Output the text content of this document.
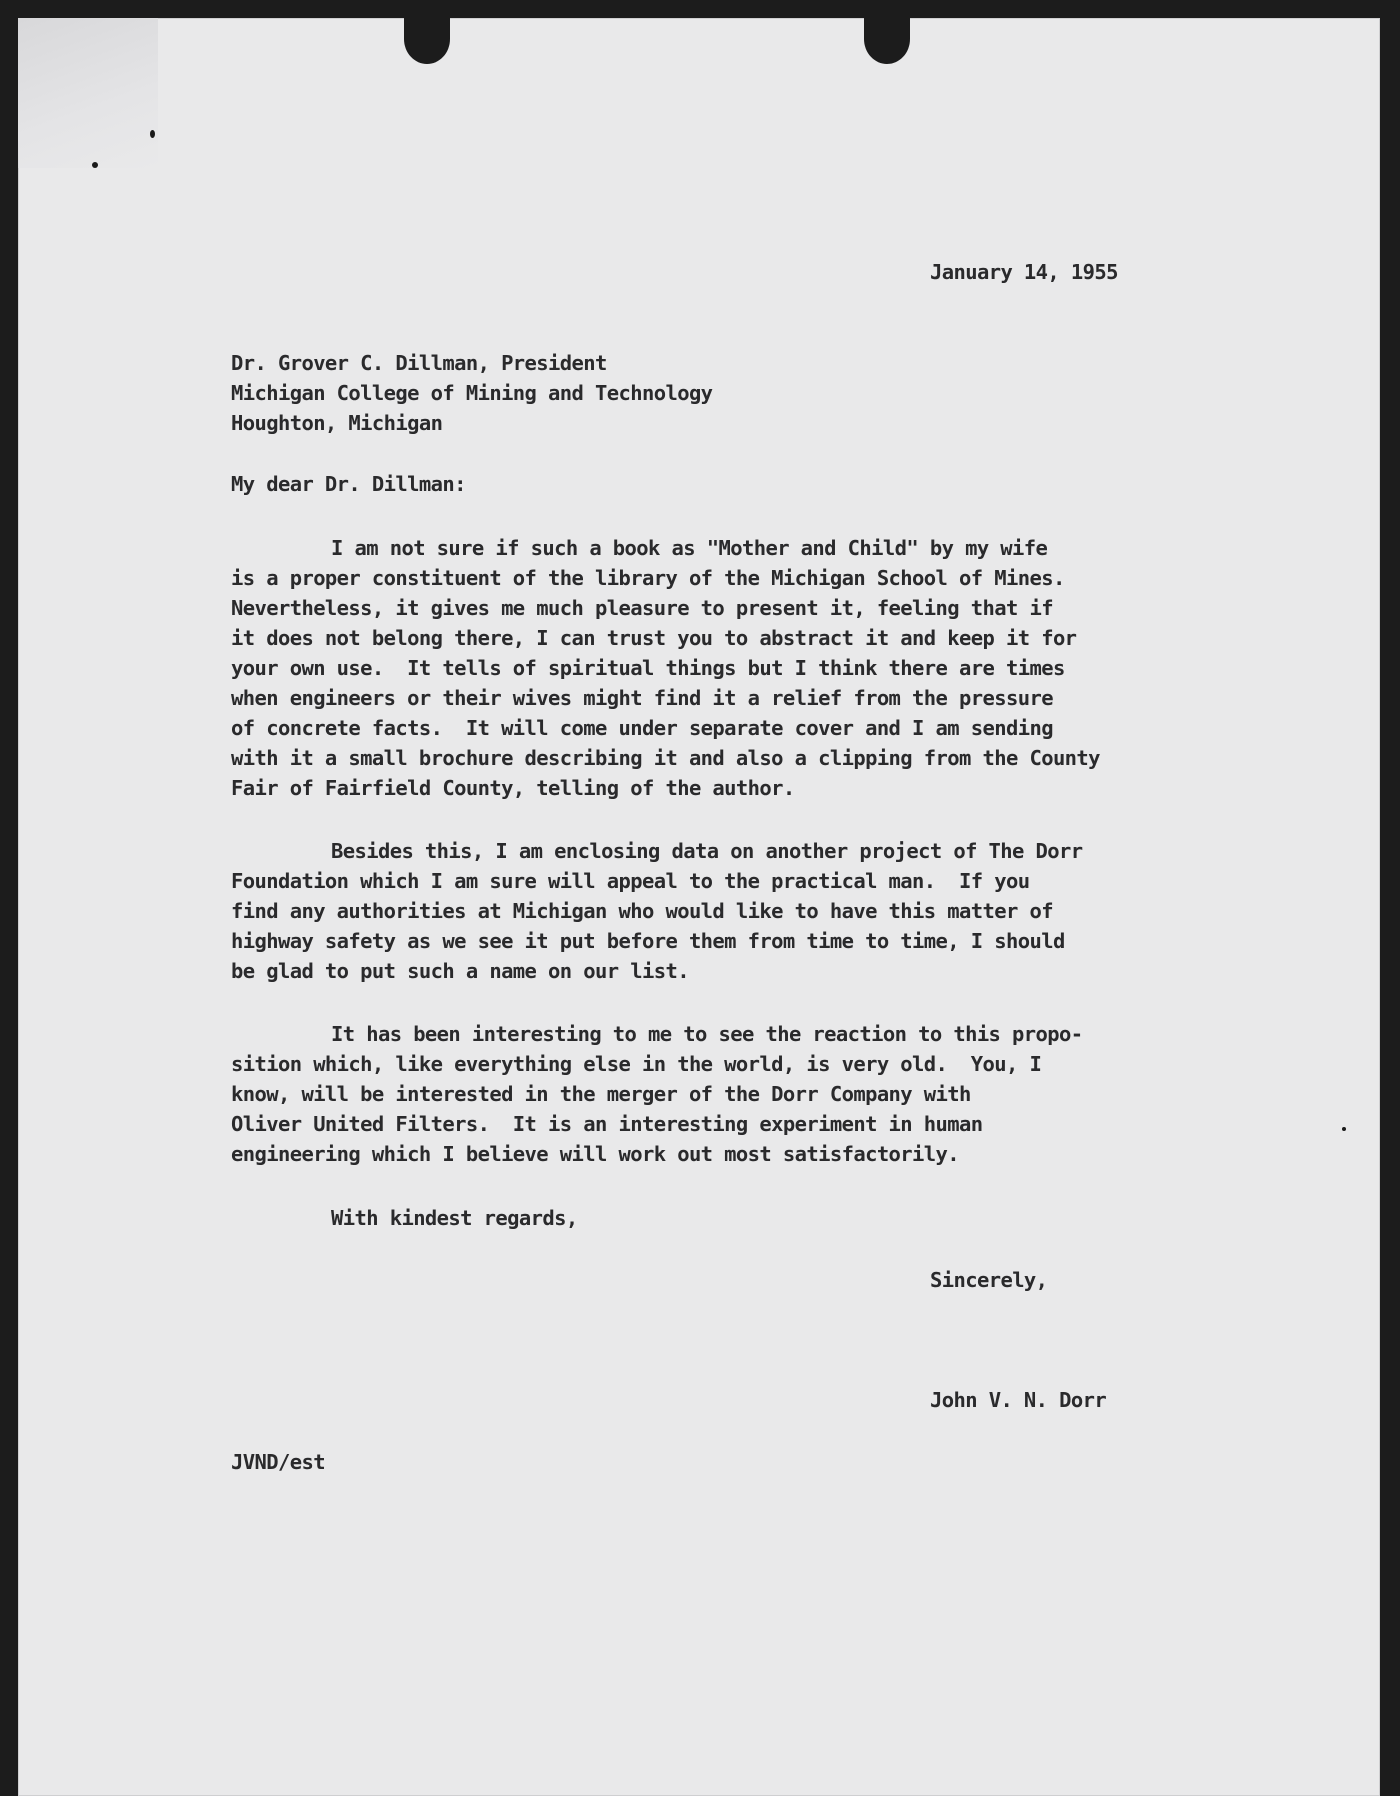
January 14, 1955
Dr. Grover C. Dillman, President
Michigan College of Mining and Technology
Houghton, Michigan
My dear Dr. Dillman:
I am not sure if such a book as "Mother and Child" by my wife
is a proper constituent of the library of the Michigan School of Mines.
Nevertheless, it gives me much pleasure to present it, feeling that if
it does not belong there, I can trust you to abstract it and keep it for
your own use.  It tells of spiritual things but I think there are times
when engineers or their wives might find it a relief from the pressure
of concrete facts.  It will come under separate cover and I am sending
with it a small brochure describing it and also a clipping from the County
Fair of Fairfield County, telling of the author.
Besides this, I am enclosing data on another project of The Dorr
Foundation which I am sure will appeal to the practical man.  If you
find any authorities at Michigan who would like to have this matter of
highway safety as we see it put before them from time to time, I should
be glad to put such a name on our list.
It has been interesting to me to see the reaction to this propo-
sition which, like everything else in the world, is very old.  You, I
know, will be interested in the merger of the Dorr Company with
Oliver United Filters.  It is an interesting experiment in human
engineering which I believe will work out most satisfactorily.
With kindest regards,
Sincerely,
John V. N. Dorr
JVND/est
